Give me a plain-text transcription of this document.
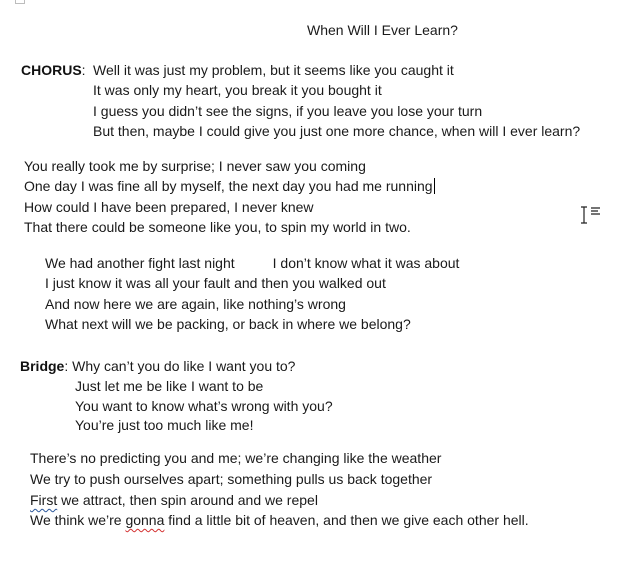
When Will I Ever Learn?
CHORUS: Well it was just my problem, but it seems like you caught it
It was only my heart, you break it you bought it
I guess you didn’t see the signs, if you leave you lose your turn
But then, maybe I could give you just one more chance, when will I ever learn?
You really took me by surprise; I never saw you coming
One day I was fine all by myself, the next day you had me running
How could I have been prepared, I never knew
That there could be someone like you, to spin my world in two.
We had another fight last night	I don’t know what it was about
I just know it was all your fault and then you walked out
And now here we are again, like nothing’s wrong
What next will we be packing, or back in where we belong?
Bridge: Why can’t you do like I want you to?
Just let me be like I want to be
You want to know what’s wrong with you?
You’re just too much like me!
There’s no predicting you and me; we’re changing like the weather
We try to push ourselves apart; something pulls us back together
First we attract, then spin around and we repel
We think we’re gonna find a little bit of heaven, and then we give each other hell.
